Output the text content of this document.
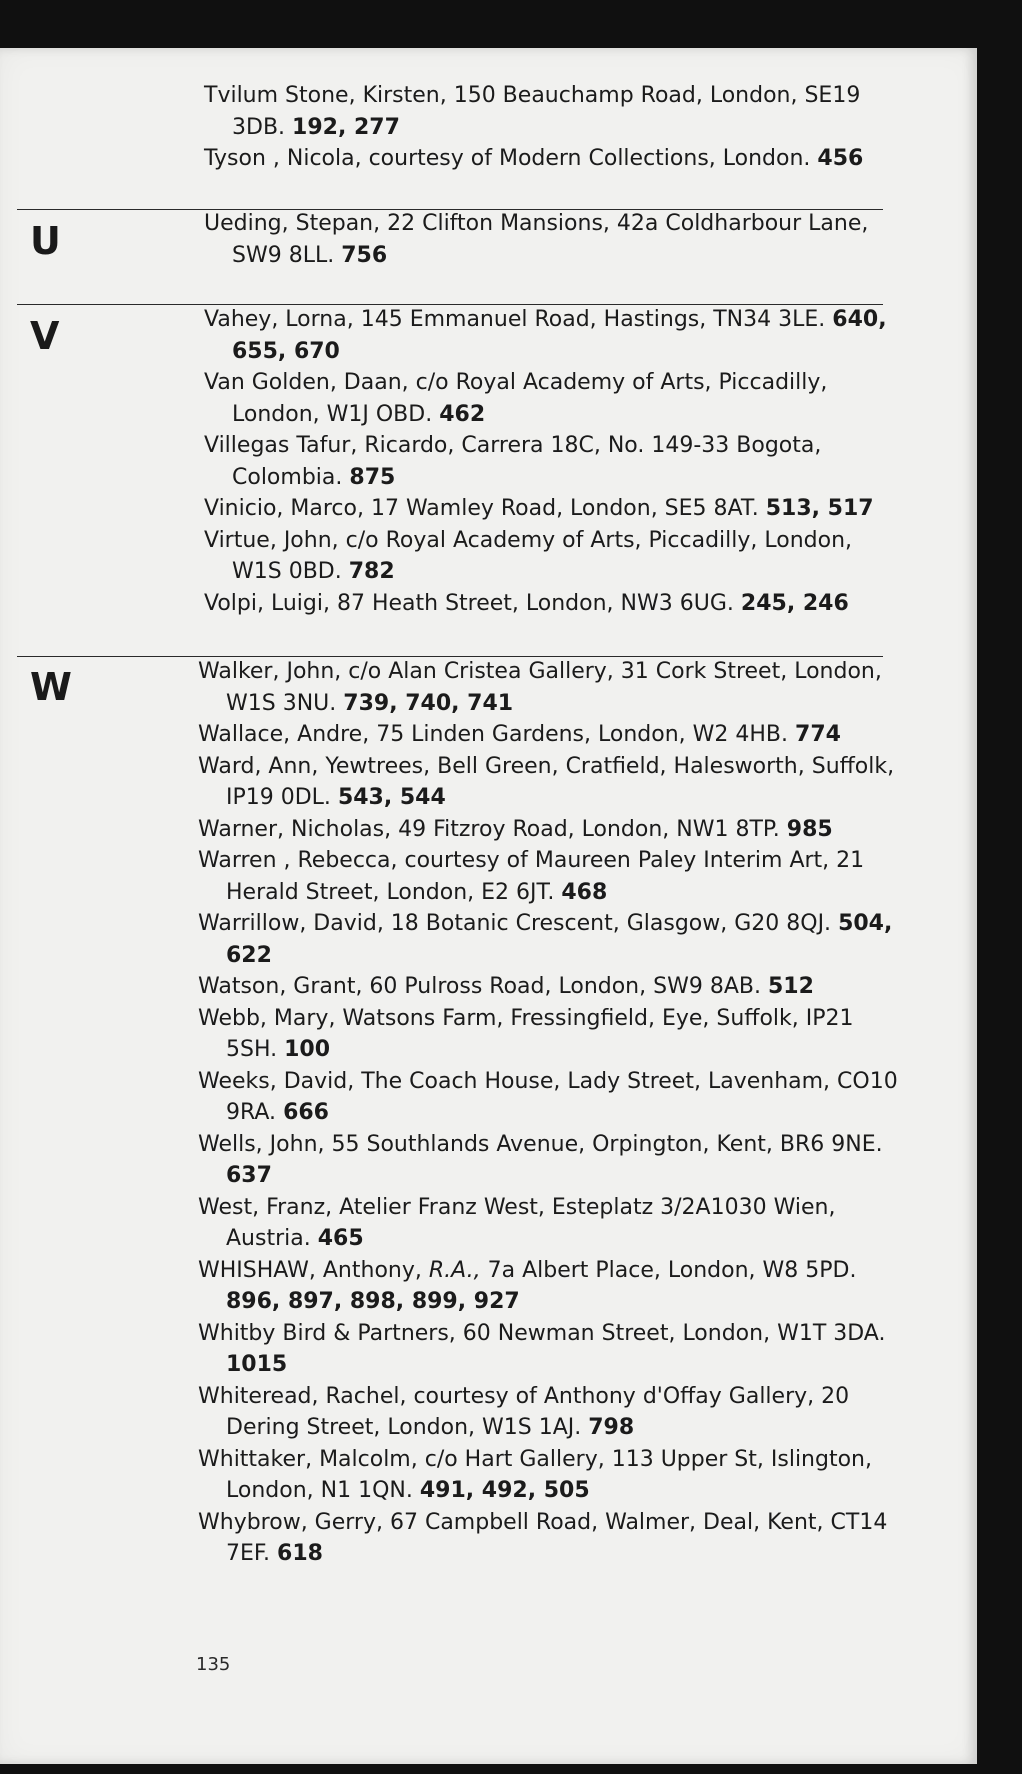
Tvilum Stone, Kirsten, 150 Beauchamp Road, London, SE19 3DB. 192, 277
Tyson , Nicola, courtesy of Modern Collections, London. 456
U	Ueding, Stepan, 22 Clifton Mansions, 42a Coldharbour Lane, SW9 8LL. 756
V	Vahey, Lorna, 145 Emmanuel Road, Hastings, TN34 3LE. 640, 655, 670
Van Golden, Daan, c/o Royal Academy of Arts, Piccadilly, London, W1J OBD. 462
Villegas Tafur, Ricardo, Carrera 18C, No. 149-33 Bogota, Colombia. 875
Vinicio, Marco, 17 Wamley Road, London, SE5 8AT. 513, 517
Virtue, John, c/o Royal Academy of Arts, Piccadilly, London, W1S 0BD. 782
Volpi, Luigi, 87 Heath Street, London, NW3 6UG. 245, 246
W	Walker, John, c/o Alan Cristea Gallery, 31 Cork Street, London, W1S 3NU. 739, 740, 741
Wallace, Andre, 75 Linden Gardens, London, W2 4HB. 774
Ward, Ann, Yewtrees, Bell Green, Cratfield, Halesworth, Suffolk, IP19 0DL. 543, 544
Warner, Nicholas, 49 Fitzroy Road, London, NW1 8TP. 985
Warren , Rebecca, courtesy of Maureen Paley Interim Art, 21 Herald Street, London, E2 6JT. 468
Warrillow, David, 18 Botanic Crescent, Glasgow, G20 8QJ. 504, 622
Watson, Grant, 60 Pulross Road, London, SW9 8AB. 512
Webb, Mary, Watsons Farm, Fressingfield, Eye, Suffolk, IP21 5SH. 100
Weeks, David, The Coach House, Lady Street, Lavenham, CO10 9RA. 666
Wells, John, 55 Southlands Avenue, Orpington, Kent, BR6 9NE. 637
West, Franz, Atelier Franz West, Esteplatz 3/2A1030 Wien, Austria. 465
WHISHAW, Anthony, R.A., 7a Albert Place, London, W8 5PD. 896, 897, 898, 899, 927
Whitby Bird & Partners, 60 Newman Street, London, W1T 3DA. 1015
Whiteread, Rachel, courtesy of Anthony d'Offay Gallery, 20 Dering Street, London, W1S 1AJ. 798
Whittaker, Malcolm, c/o Hart Gallery, 113 Upper St, Islington, London, N1 1QN. 491, 492, 505
Whybrow, Gerry, 67 Campbell Road, Walmer, Deal, Kent, CT14 7EF. 618
135
